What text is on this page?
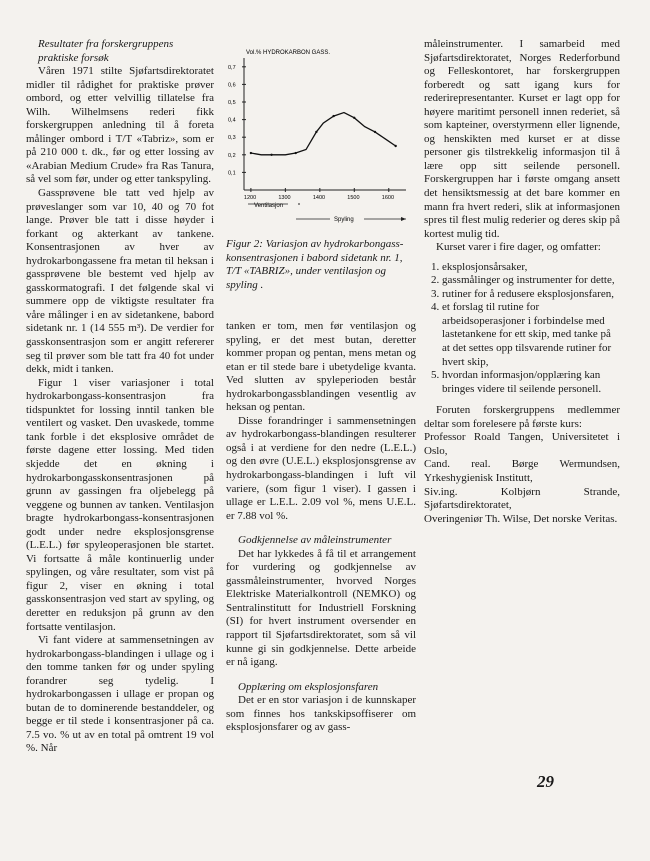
Resultater fra forskergruppens

praktiske forsøk

Våren 1971 stilte Sjøfartsdirektoratet midler til rådighet for praktiske prøver ombord, og etter velvillig tillatelse fra Wilh. Wilhelmsens rederi fikk forskergruppen anledning til å foreta målinger ombord i T/T «Tabriz», som er på 210 000 t. dk., før og etter lossing av «Arabian Medium Crude» fra Ras Tanura, så vel som før, under og etter tankspyling.

Gassprøvene ble tatt ved hjelp av prøveslanger som var 10, 40 og 70 fot lange. Prøver ble tatt i disse høyder i forkant og akterkant av tankene. Konsentrasjonen av hver av hydrokarbongassene fra metan til heksan i gassprøvene ble bestemt ved hjelp av gasskormatografi. I det følgende skal vi summere opp de viktigste resultater fra våre målinger i en av sidetankene, babord sidetank nr. 1 (14 555 m³). De verdier for gasskonsentrasjon som er angitt refererer seg til prøver som ble tatt fra 40 fot under dekk, midt i tanken.

Figur 1 viser variasjoner i total hydrokarbongass-konsentrasjon fra tidspunktet for lossing inntil tanken ble ventilert og vasket. Den uvaskede, tomme tank forble i det eksplosive området de første dagene etter lossing. Med tiden skjedde det en økning i hydrokarbongasskonsentrasjonen på grunn av gassingen fra oljebelegg på veggene og bunnen av tanken. Ventilasjon bragte hydrokarbongass-konsentrasjonen godt under nedre eksplosjonsgrense (L.E.L.) før spyleoperasjonen ble startet. Vi fortsatte å måle kontinuerlig under spylingen, og våre resultater, som vist på figur 2, viser en økning i total gasskonsentrasjon ved start av spyling, og deretter en reduksjon på grunn av den fortsatte ventilasjon.

Vi fant videre at sammensetningen av hydrokarbongass-blandingen i ullage og i den tomme tanken før og under spyling forandrer seg tydelig. I hydrokarbongassen i ullage er propan og butan de to dominerende bestanddeler, og begge er til stede i konsentrasjoner på ca. 7.5 vo. % ut av en total på omtrent 19 vol %. Når

Vol.% HYDROKARBON GASS.
0,7
0,6
0,5
0,4
0,3
0,2
0,1
1200	1300	1400	1500	1600
Ventilasjon
Spyling
Figur 2: Variasjon av hydrokarbongass-konsentrasjonen i babord sidetank nr. 1, T/T «TABRIZ», under ventilasjon og spyling .

tanken er tom, men før ventilasjon og spyling, er det mest butan, deretter kommer propan og pentan, mens metan og etan er til stede bare i ubetydelige kvanta. Ved slutten av spyleperioden består hydrokarbongassblandingen vesentlig av heksan og pentan.

Disse forandringer i sammensetningen av hydrokarbongass-blandingen resulterer også i at verdiene for den nedre (L.E.L.) og den øvre (U.E.L.) eksplosjonsgrense av hydrokarbongass-blandingen i luft vil variere, (som figur 1 viser). I gassen i ullage er L.E.L. 2.09 vol %, mens U.E.L. er 7.88 vol %.

Godkjennelse av måleinstrumenter

Det har lykkedes å få til et arrangement for vurdering og godkjennelse av gassmåleinstrumenter, hvorved Norges Elektriske Materialkontroll (NEMKO) og Sentralinstitutt for Industriell Forskning (SI) for hvert instrument oversender en rapport til Sjøfartsdirektoratet, som så vil kunne gi sin godkjennelse. Dette arbeide er nå igang.

Opplæring om eksplosjonsfaren

Det er en stor variasjon i de kunnskaper som finnes hos tankskipsoffiserer om eksplosjonsfarer og av gass-

måleinstrumenter. I samarbeid med Sjøfartsdirektoratet, Norges Rederforbund og Felleskontoret, har forskergruppen forberedt og satt igang kurs for rederirepresentanter. Kurset er lagt opp for høyere maritimt personell innen rederiet, så som kapteiner, overstyrmenn eller lignende, og henskikten med kurset er at disse personer gis tilstrekkelig informasjon til å lære opp sitt seilende personell. Forskergruppen har i første omgang ansett det hensiktsmessig at det bare kommer en mann fra hvert rederi, slik at informasjonen spres til flest mulig rederier og deres skip på kortest mulig tid.

Kurset varer i fire dager, og omfatter:

1. eksplosjonsårsaker,
2. gassmålinger og instrumenter for dette,
3. rutiner for å redusere eksplosjonsfaren,
4. et forslag til rutine for arbeidsoperasjoner i forbindelse med lastetankene for ett skip, med tanke på at det settes opp tilsvarende rutiner for hvert skip,
5. hvordan informasjon/opplæring kan bringes videre til seilende personell.

Foruten forskergruppens medlemmer deltar som forelesere på første kurs:

Professor Roald Tangen, Universitetet i Oslo,

Cand. real. Børge Wermundsen, Yrkeshygienisk Institutt,

Siv.ing. Kolbjørn Strande, Sjøfartsdirektoratet,

Overingeniør Th. Wilse, Det norske Veritas.

29
